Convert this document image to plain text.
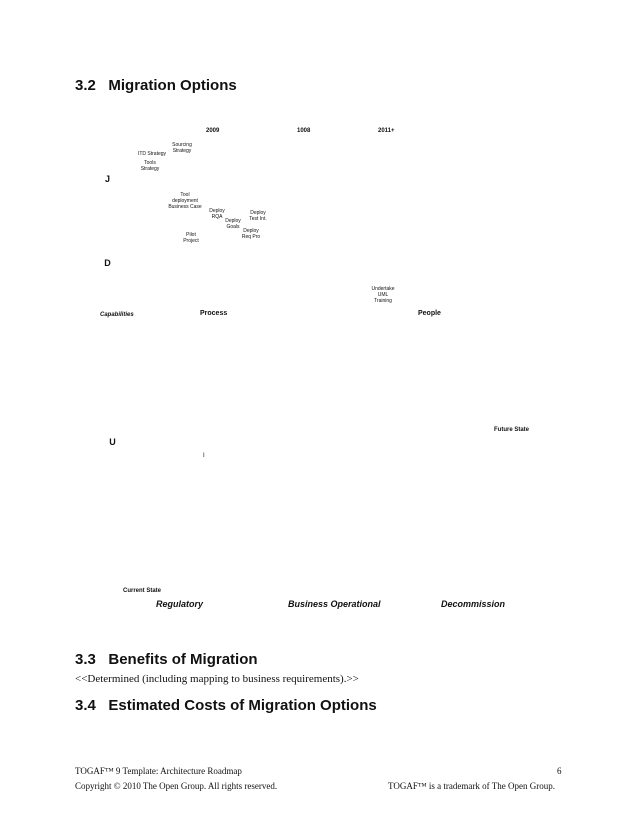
3.2 Migration Options
2009	1008	2011+
Sourcing
Strategy
ITD Strategy
Tools
Strategy
Tool
deployment
Business Case
Deploy
RQA
Deploy
Test Int.
Deploy
Goals
Deploy
Req Pro
Pilot
Project
Undertake
UML
Training
J
D
U
Capabilities	Process	People
Future State
I
Current State
Regulatory	Business Operational	Decommission
3.3 Benefits of Migration
<<Determined (including mapping to business requirements).>>
3.4 Estimated Costs of Migration Options
TOGAF™ 9 Template: Architecture Roadmap	6
Copyright © 2010 The Open Group. All rights reserved.	TOGAF™ is a trademark of The Open Group.
